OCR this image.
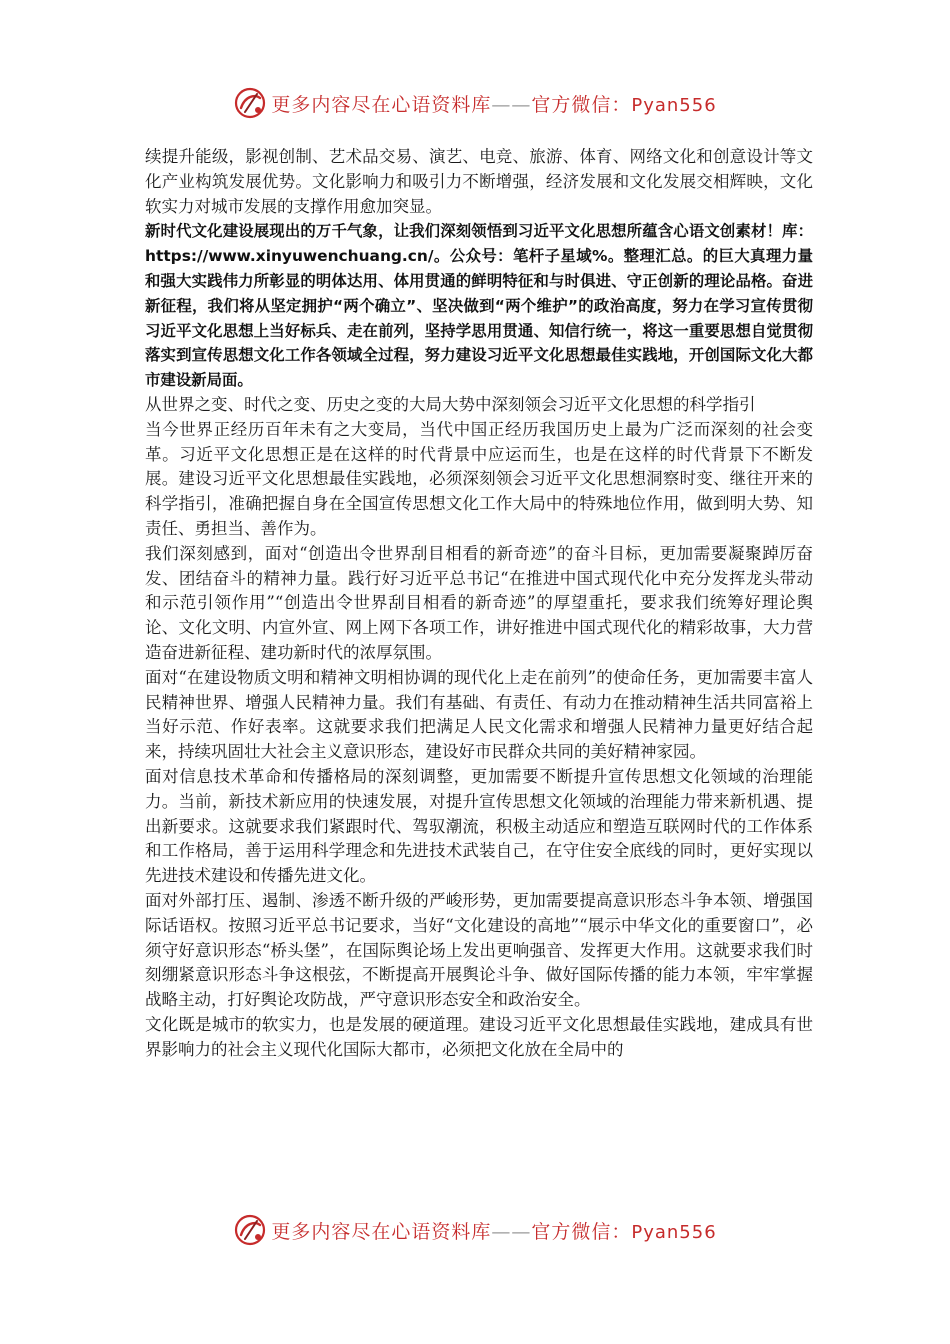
更多内容尽在心语资料库——官方微信：Pyan556

续提升能级，影视创制、艺术品交易、演艺、电竞、旅游、体育、网络文化和创意设计等文化产业构筑发展优势。文化影响力和吸引力不断增强，经济发展和文化发展交相辉映，文化软实力对城市发展的支撑作用愈加突显。

新时代文化建设展现出的万千气象，让我们深刻领悟到习近平文化思想所蕴含心语文创素材！库：https://www.xinyuwenchuang.cn/。公众号：笔杆子星域%。整理汇总。的巨大真理力量和强大实践伟力所彰显的明体达用、体用贯通的鲜明特征和与时俱进、守正创新的理论品格。奋进新征程，我们将从坚定拥护“两个确立”、坚决做到“两个维护”的政治高度，努力在学习宣传贯彻习近平文化思想上当好标兵、走在前列，坚持学思用贯通、知信行统一，将这一重要思想自觉贯彻落实到宣传思想文化工作各领域全过程，努力建设习近平文化思想最佳实践地，开创国际文化大都市建设新局面。

从世界之变、时代之变、历史之变的大局大势中深刻领会习近平文化思想的科学指引

当今世界正经历百年未有之大变局，当代中国正经历我国历史上最为广泛而深刻的社会变革。习近平文化思想正是在这样的时代背景中应运而生，也是在这样的时代背景下不断发展。建设习近平文化思想最佳实践地，必须深刻领会习近平文化思想洞察时变、继往开来的科学指引，准确把握自身在全国宣传思想文化工作大局中的特殊地位作用，做到明大势、知责任、勇担当、善作为。

我们深刻感到，面对“创造出令世界刮目相看的新奇迹”的奋斗目标，更加需要凝聚踔厉奋发、团结奋斗的精神力量。践行好习近平总书记“在推进中国式现代化中充分发挥龙头带动和示范引领作用”“创造出令世界刮目相看的新奇迹”的厚望重托，要求我们统筹好理论舆论、文化文明、内宣外宣、网上网下各项工作，讲好推进中国式现代化的精彩故事，大力营造奋进新征程、建功新时代的浓厚氛围。

面对“在建设物质文明和精神文明相协调的现代化上走在前列”的使命任务，更加需要丰富人民精神世界、增强人民精神力量。我们有基础、有责任、有动力在推动精神生活共同富裕上当好示范、作好表率。这就要求我们把满足人民文化需求和增强人民精神力量更好结合起来，持续巩固壮大社会主义意识形态，建设好市民群众共同的美好精神家园。

面对信息技术革命和传播格局的深刻调整，更加需要不断提升宣传思想文化领域的治理能力。当前，新技术新应用的快速发展，对提升宣传思想文化领域的治理能力带来新机遇、提出新要求。这就要求我们紧跟时代、驾驭潮流，积极主动适应和塑造互联网时代的工作体系和工作格局，善于运用科学理念和先进技术武装自己，在守住安全底线的同时，更好实现以先进技术建设和传播先进文化。

面对外部打压、遏制、渗透不断升级的严峻形势，更加需要提高意识形态斗争本领、增强国际话语权。按照习近平总书记要求，当好“文化建设的高地”“展示中华文化的重要窗口”，必须守好意识形态“桥头堡”，在国际舆论场上发出更响强音、发挥更大作用。这就要求我们时刻绷紧意识形态斗争这根弦，不断提高开展舆论斗争、做好国际传播的能力本领，牢牢掌握战略主动，打好舆论攻防战，严守意识形态安全和政治安全。

文化既是城市的软实力，也是发展的硬道理。建设习近平文化思想最佳实践地，建成具有世界影响力的社会主义现代化国际大都市，必须把文化放在全局中的

更多内容尽在心语资料库——官方微信：Pyan556
